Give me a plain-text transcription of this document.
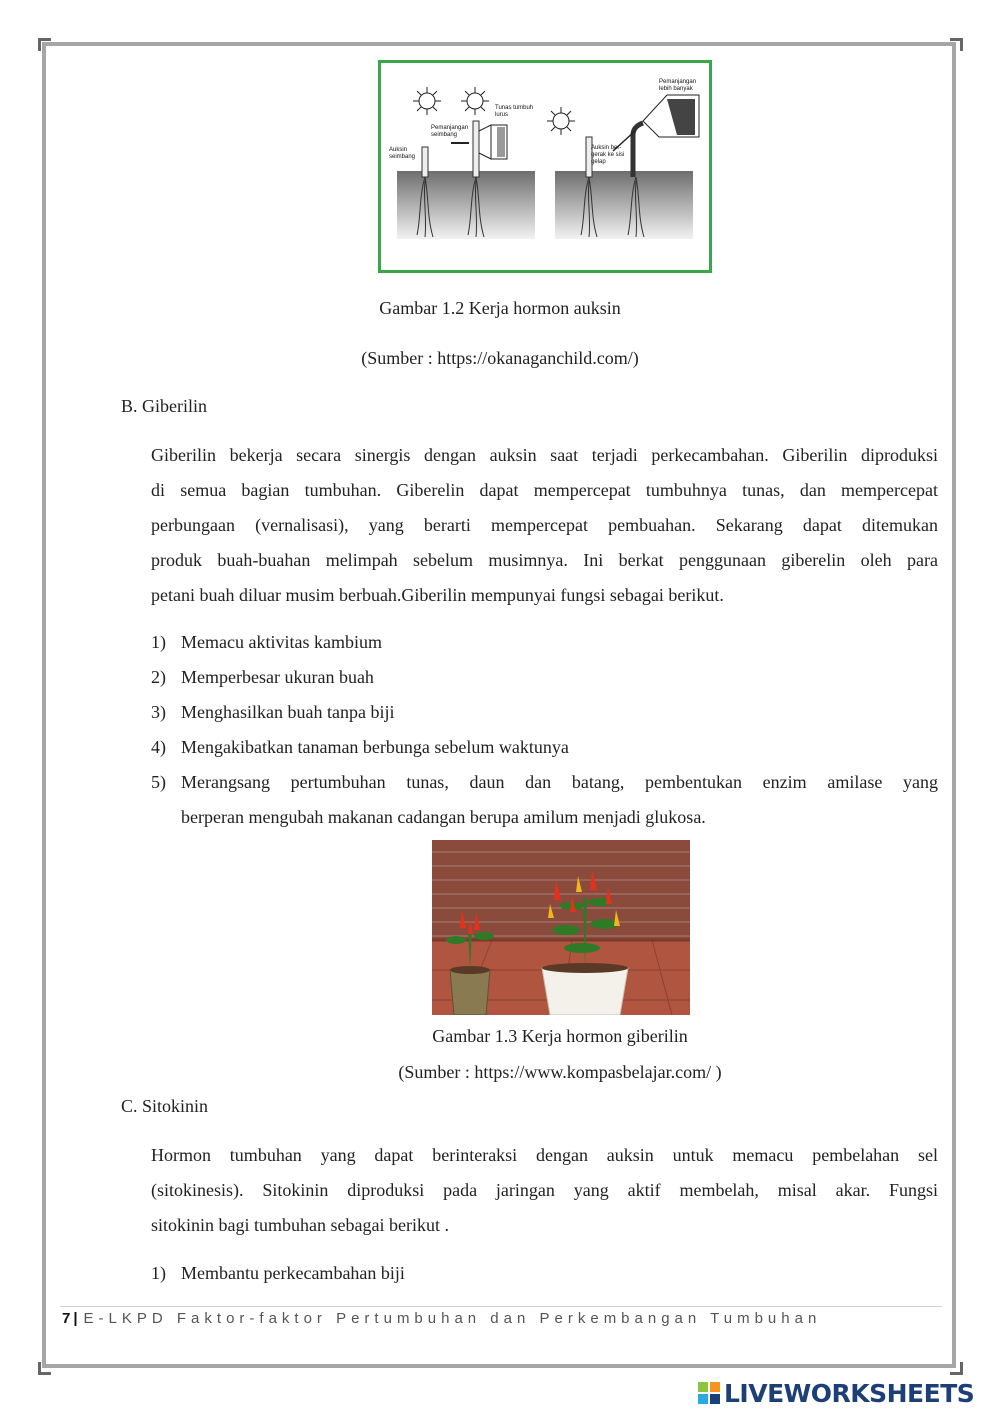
Auksin seimbang
Pemanjangan seimbang
Tunas tumbuh lurus
Auksin ber-gerak ke sisi gelap
Pemanjangan lebih banyak
Gambar 1.2 Kerja hormon auksin
(Sumber : https://okanaganchild.com/)
B. Giberilin
Giberilin bekerja secara sinergis dengan auksin saat terjadi perkecambahan. Giberilin diproduksi
di semua bagian tumbuhan. Giberelin dapat mempercepat tumbuhnya tunas, dan mempercepat
perbungaan (vernalisasi), yang berarti mempercepat pembuahan. Sekarang dapat ditemukan
produk buah-buahan melimpah sebelum musimnya. Ini berkat penggunaan giberelin oleh para
petani buah diluar musim berbuah.Giberilin mempunyai fungsi sebagai berikut.
1) Memacu aktivitas kambium
2) Memperbesar ukuran buah
3) Menghasilkan buah tanpa biji
4) Mengakibatkan tanaman berbunga sebelum waktunya
5) Merangsang pertumbuhan tunas, daun dan batang, pembentukan enzim amilase yang
berperan mengubah makanan cadangan berupa amilum menjadi glukosa.
Gambar 1.3 Kerja hormon giberilin
(Sumber : https://www.kompasbelajar.com/ )
C. Sitokinin
Hormon tumbuhan yang dapat berinteraksi dengan auksin untuk memacu pembelahan sel
(sitokinesis). Sitokinin diproduksi pada jaringan yang aktif membelah, misal akar. Fungsi
sitokinin bagi tumbuhan sebagai berikut .
1) Membantu perkecambahan biji
7 | E-LKPD Faktor-faktor Pertumbuhan dan Perkembangan Tumbuhan
LIVEWORKSHEETS
